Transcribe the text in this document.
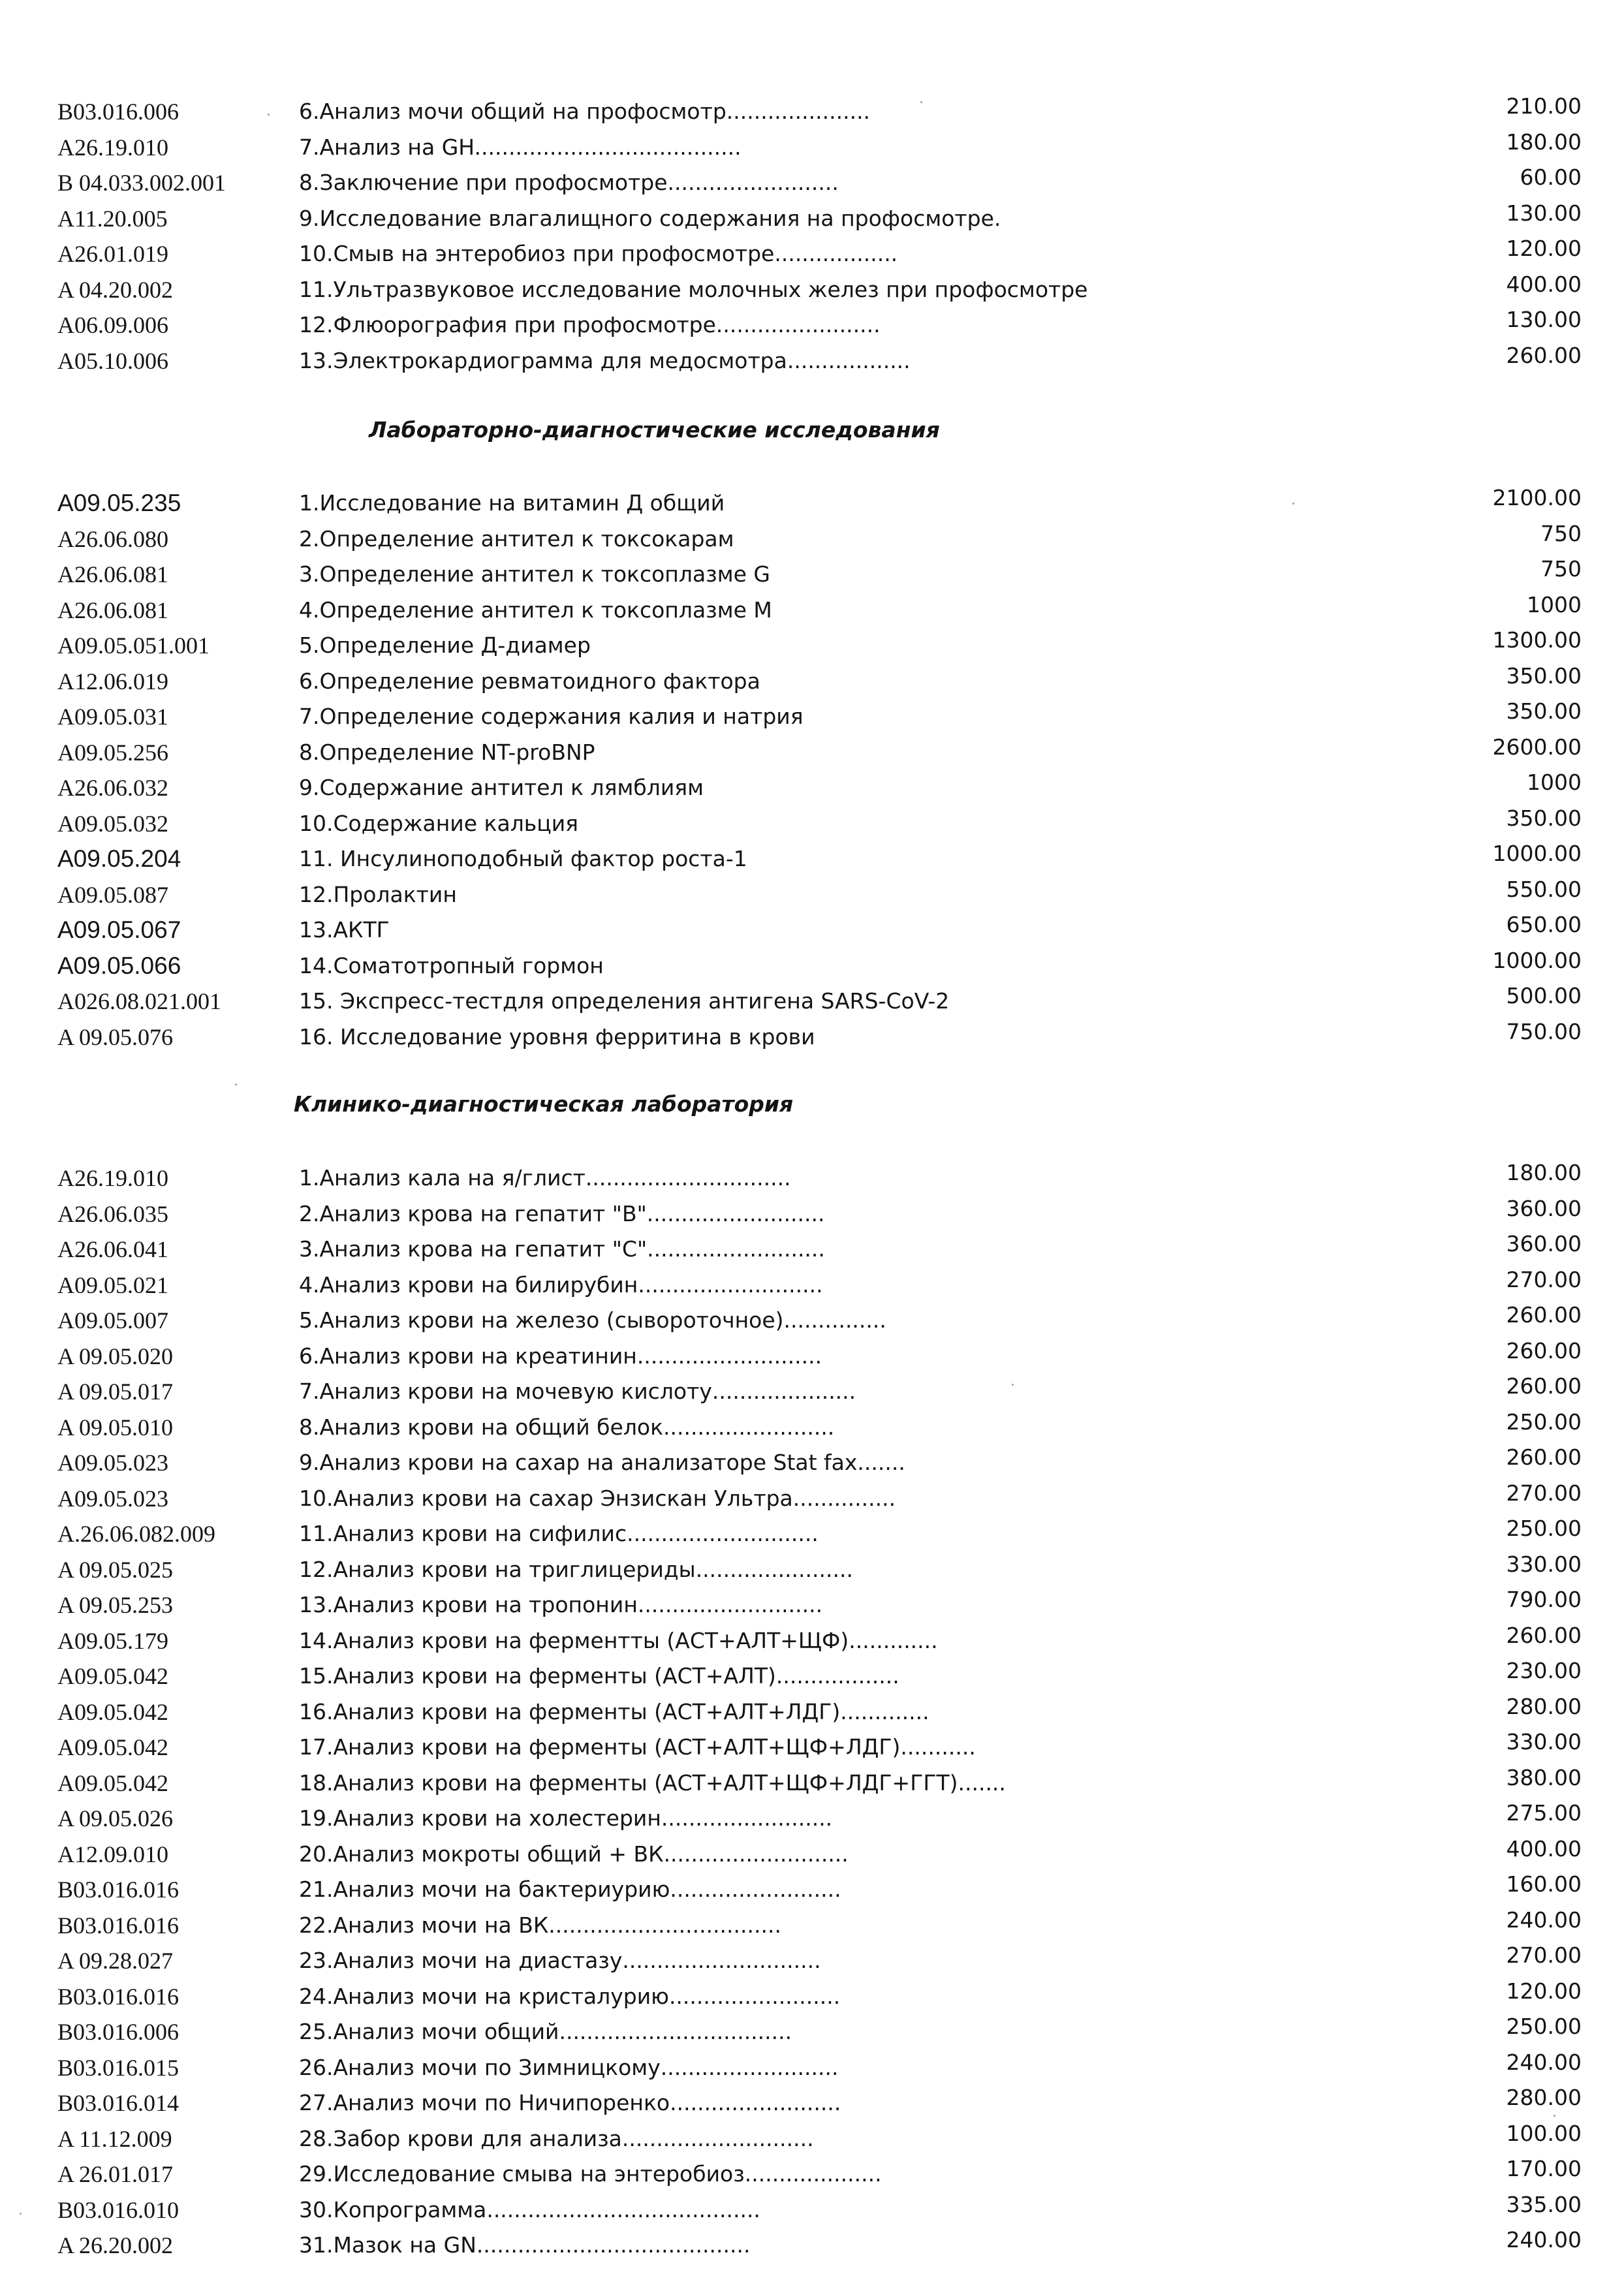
B03.016.006	6.Анализ мочи общий на профосмотр.....................	210.00
A26.19.010	7.Анализ на GH.......................................	180.00
B 04.033.002.001	8.Заключение при профосмотре.........................	60.00
A11.20.005	9.Исследование влагалищного содержания на профосмотре.	130.00
A26.01.019	10.Смыв на энтеробиоз при профосмотре..................	120.00
A 04.20.002	11.Ультразвуковое исследование молочных желез при профосмотре	400.00
A06.09.006	12.Флюорография при профосмотре........................	130.00
A05.10.006	13.Электрокардиограмма для медосмотра..................	260.00
Лабораторно-диагностические исследования
A09.05.235	1.Исследование на витамин Д общий	2100.00
A26.06.080	2.Определение антител к токсокарам	750
A26.06.081	3.Определение антител к токсоплазме G	750
A26.06.081	4.Определение антител к токсоплазме М	1000
A09.05.051.001	5.Определение Д-диамер	1300.00
A12.06.019	6.Определение ревматоидного фактора	350.00
A09.05.031	7.Определение содержания калия и натрия	350.00
A09.05.256	8.Определение NT-proBNP	2600.00
A26.06.032	9.Содержание антител к лямблиям	1000
A09.05.032	10.Содержание кальция	350.00
A09.05.204	11. Инсулиноподобный фактор роста-1	1000.00
A09.05.087	12.Пролактин	550.00
A09.05.067	13.АКТГ	650.00
A09.05.066	14.Соматотропный гормон	1000.00
A026.08.021.001	15. Экспресс-тестдля определения антигена SARS-CoV-2	500.00
A 09.05.076	16. Исследование уровня ферритина в крови	750.00
Клинико-диагностическая лаборатория
A26.19.010	1.Анализ кала на я/глист..............................	180.00
A26.06.035	2.Анализ крова на гепатит "В"..........................	360.00
A26.06.041	3.Анализ крова на гепатит "С"..........................	360.00
A09.05.021	4.Анализ крови на билирубин...........................	270.00
A09.05.007	5.Анализ крови на железо (сывороточное)...............	260.00
A 09.05.020	6.Анализ крови на креатинин...........................	260.00
A 09.05.017	7.Анализ крови на мочевую кислоту.....................	260.00
A 09.05.010	8.Анализ крови на общий белок.........................	250.00
A09.05.023	9.Анализ крови на сахар на анализаторе Stat fax.......	260.00
A09.05.023	10.Анализ крови на сахар Энзискан Ультра...............	270.00
A.26.06.082.009	11.Анализ крови на сифилис............................	250.00
A 09.05.025	12.Анализ крови на триглицериды.......................	330.00
A 09.05.253	13.Анализ крови на тропонин...........................	790.00
A09.05.179	14.Анализ крови на ферментты (АСТ+АЛТ+ЩФ).............	260.00
A09.05.042	15.Анализ крови на ферменты (АСТ+АЛТ)..................	230.00
A09.05.042	16.Анализ крови на ферменты (АСТ+АЛТ+ЛДГ).............	280.00
A09.05.042	17.Анализ крови на ферменты (АСТ+АЛТ+ЩФ+ЛДГ)...........	330.00
A09.05.042	18.Анализ крови на ферменты (АСТ+АЛТ+ЩФ+ЛДГ+ГГТ).......	380.00
A 09.05.026	19.Анализ крови на холестерин.........................	275.00
A12.09.010	20.Анализ мокроты общий + ВК...........................	400.00
B03.016.016	21.Анализ мочи на бактериурию.........................	160.00
B03.016.016	22.Анализ мочи на ВК..................................	240.00
A 09.28.027	23.Анализ мочи на диастазу.............................	270.00
B03.016.016	24.Анализ мочи на кристалурию.........................	120.00
B03.016.006	25.Анализ мочи общий..................................	250.00
B03.016.015	26.Анализ мочи по Зимницкому..........................	240.00
B03.016.014	27.Анализ мочи по Ничипоренко.........................	280.00
A 11.12.009	28.Забор крови для анализа............................	100.00
A 26.01.017	29.Исследование смыва на энтеробиоз....................	170.00
B03.016.010	30.Копрограмма........................................	335.00
A 26.20.002	31.Мазок на GN........................................	240.00
